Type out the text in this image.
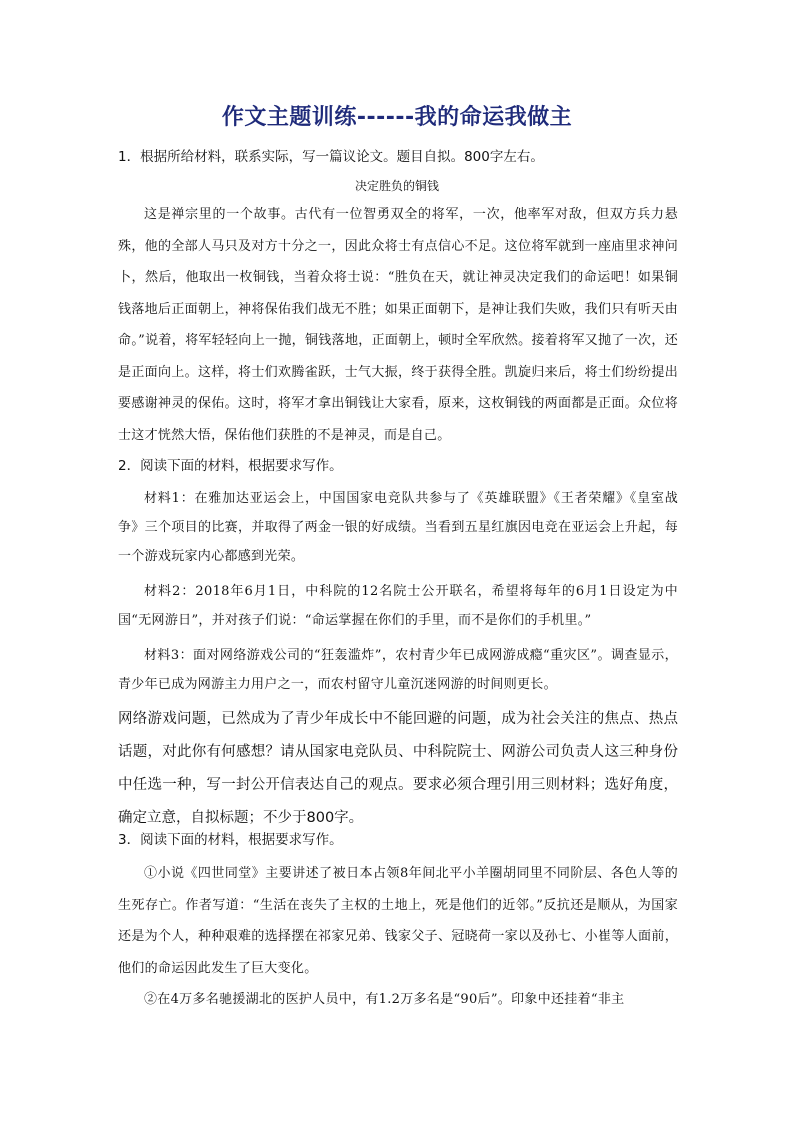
作文主题训练------我的命运我做主

1．根据所给材料，联系实际，写一篇议论文。题目自拟。800字左右。

决定胜负的铜钱

这是禅宗里的一个故事。古代有一位智勇双全的将军，一次，他率军对敌，但双方兵力悬殊，他的全部人马只及对方十分之一，因此众将士有点信心不足。这位将军就到一座庙里求神问卜，然后，他取出一枚铜钱，当着众将士说：“胜负在天，就让神灵决定我们的命运吧！如果铜钱落地后正面朝上，神将保佑我们战无不胜；如果正面朝下，是神让我们失败，我们只有听天由命。”说着，将军轻轻向上一抛，铜钱落地，正面朝上，顿时全军欣然。接着将军又抛了一次，还是正面向上。这样，将士们欢腾雀跃，士气大振，终于获得全胜。凯旋归来后，将士们纷纷提出要感谢神灵的保佑。这时，将军才拿出铜钱让大家看，原来，这枚铜钱的两面都是正面。众位将士这才恍然大悟，保佑他们获胜的不是神灵，而是自己。

2．阅读下面的材料，根据要求写作。

材料1：在雅加达亚运会上，中国国家电竞队共参与了《英雄联盟》《王者荣耀》《皇室战争》三个项目的比赛，并取得了两金一银的好成绩。当看到五星红旗因电竞在亚运会上升起，每一个游戏玩家内心都感到光荣。

材料2：2018年6月1日，中科院的12名院士公开联名，希望将每年的6月1日设定为中国“无网游日”，并对孩子们说：“命运掌握在你们的手里，而不是你们的手机里。”

材料3：面对网络游戏公司的“狂轰滥炸”，农村青少年已成网游成瘾“重灾区”。调查显示，青少年已成为网游主力用户之一，而农村留守儿童沉迷网游的时间则更长。

网络游戏问题，已然成为了青少年成长中不能回避的问题，成为社会关注的焦点、热点话题，对此你有何感想？请从国家电竞队员、中科院院士、网游公司负责人这三种身份中任选一种，写一封公开信表达自己的观点。要求必须合理引用三则材料；选好角度，确定立意，自拟标题；不少于800字。

3．阅读下面的材料，根据要求写作。

①小说《四世同堂》主要讲述了被日本占领8年间北平小羊圈胡同里不同阶层、各色人等的生死存亡。作者写道：“生活在丧失了主权的土地上，死是他们的近邻。”反抗还是顺从，为国家还是为个人，种种艰难的选择摆在祁家兄弟、钱家父子、冠晓荷一家以及孙七、小崔等人面前，他们的命运因此发生了巨大变化。

②在4万多名驰援湖北的医护人员中，有1.2万多名是“90后”。印象中还挂着“非主
